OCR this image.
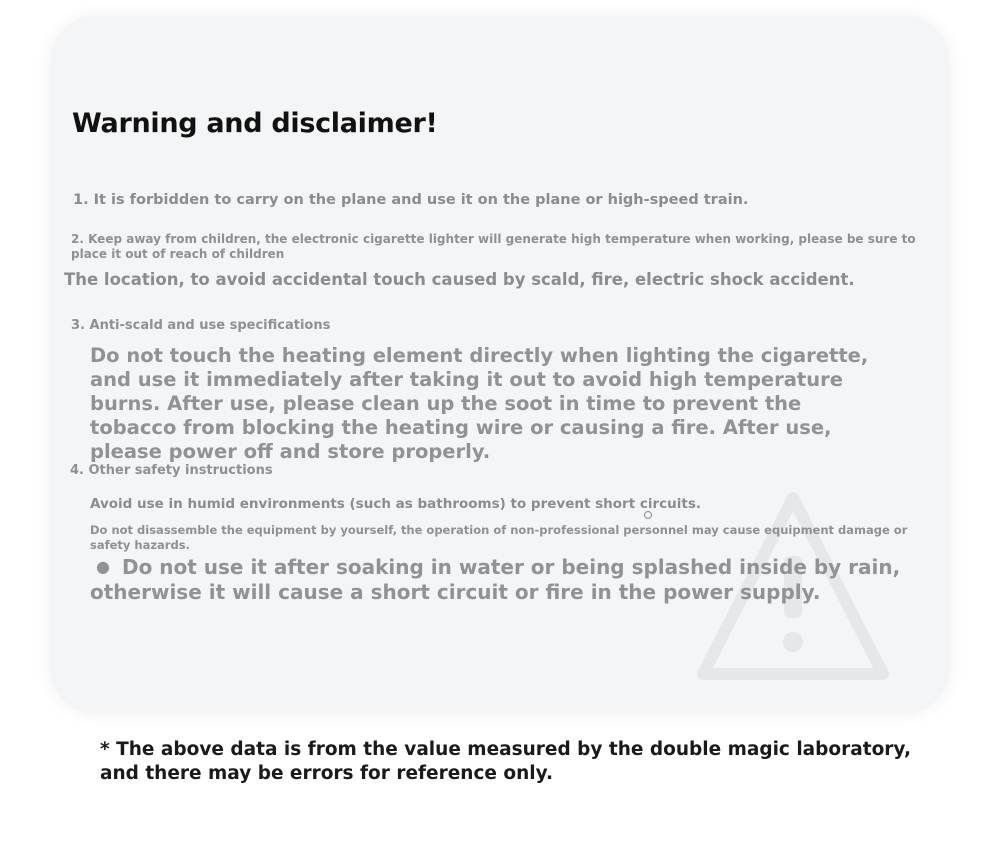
Warning and disclaimer!

1. It is forbidden to carry on the plane and use it on the plane or high-speed train.

2. Keep away from children, the electronic cigarette lighter will generate high temperature when working, please be sure to place it out of reach of children

The location, to avoid accidental touch caused by scald, fire, electric shock accident.

3. Anti-scald and use specifications

Do not touch the heating element directly when lighting the cigarette, and use it immediately after taking it out to avoid high temperature burns. After use, please clean up the soot in time to prevent the tobacco from blocking the heating wire or causing a fire. After use, please power off and store properly.

4. Other safety instructions

Avoid use in humid environments (such as bathrooms) to prevent short circuits.

Do not disassemble the equipment by yourself, the operation of non-professional personnel may cause equipment damage or safety hazards.

● Do not use it after soaking in water or being splashed inside by rain, otherwise it will cause a short circuit or fire in the power supply.

* The above data is from the value measured by the double magic laboratory, and there may be errors for reference only.
